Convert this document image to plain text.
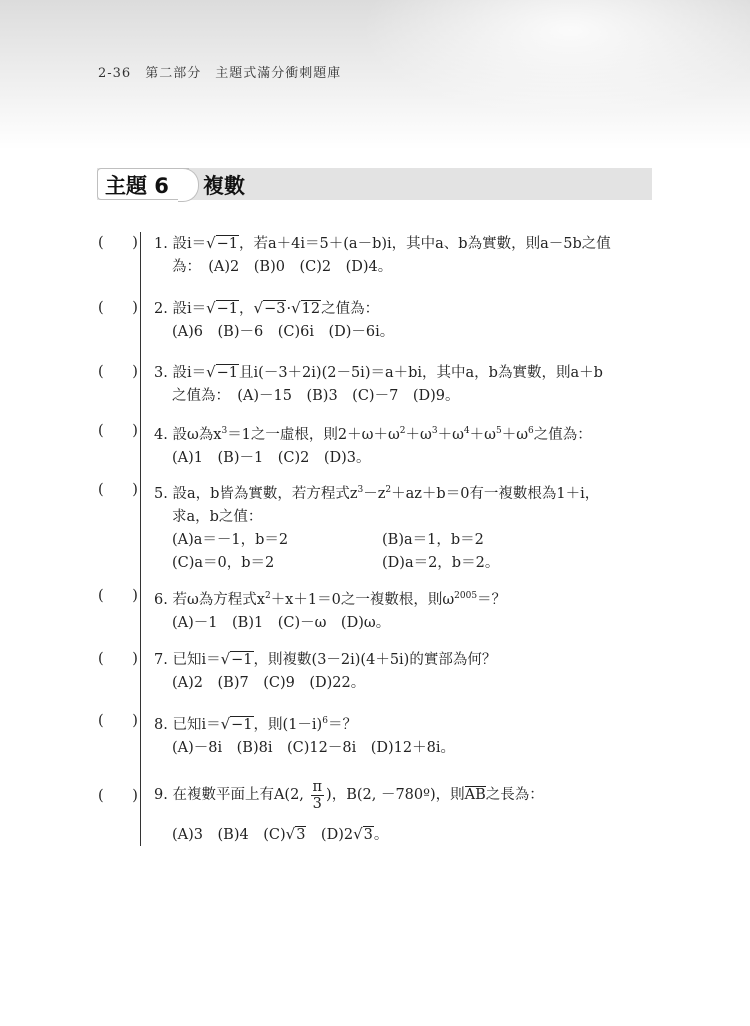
2-36　第二部分　主題式滿分衝刺題庫
主題 6 複數
( ) 1. 設i＝√−1，若a＋4i＝5＋(a－b)i，其中a、b為實數，則a－5b之值
為：　(A)2　(B)0　(C)2　(D)4。
( ) 2. 設i＝√−1，√−3·√12之值為：
(A)6　(B)－6　(C)6i　(D)－6i。
( ) 3. 設i＝√−1且i(－3＋2i)(2－5i)＝a＋bi，其中a，b為實數，則a＋b
之值為：　(A)－15　(B)3　(C)－7　(D)9。
( ) 4. 設ω為$x^3=1$之一虛根，則$2+\omega+\omega^2+\omega^3+\omega^4+\omega^5+\omega^6$之值為：
(A)1　(B)－1　(C)2　(D)3。
( ) 5. 設a，b皆為實數，若方程式$z^3-z^2+az+b=0$有一複數根為1＋i，
求a，b之值：
(A)a＝－1，b＝2	(B)a＝1，b＝2
(C)a＝0，b＝2	(D)a＝2，b＝2。
( ) 6. 若ω為方程式$x^2+x+1=0$之一複數根，則$\omega^{2005}=$？
(A)－1　(B)1　(C)－ω　(D)ω。
( ) 7. 已知i＝√−1，則複數(3－2i)(4＋5i)的實部為何？
(A)2　(B)7　(C)9　(D)22。
( ) 8. 已知i＝√−1，則$(1-i)^6=$？
(A)－8i　(B)8i　(C)12－8i　(D)12＋8i。
( ) 9. 在複數平面上有A(2, $\frac{\pi}{3}$ )，B(2, －780º)，則AB之長為：
(A)3　(B)4　(C)√3　(D)2√3。
